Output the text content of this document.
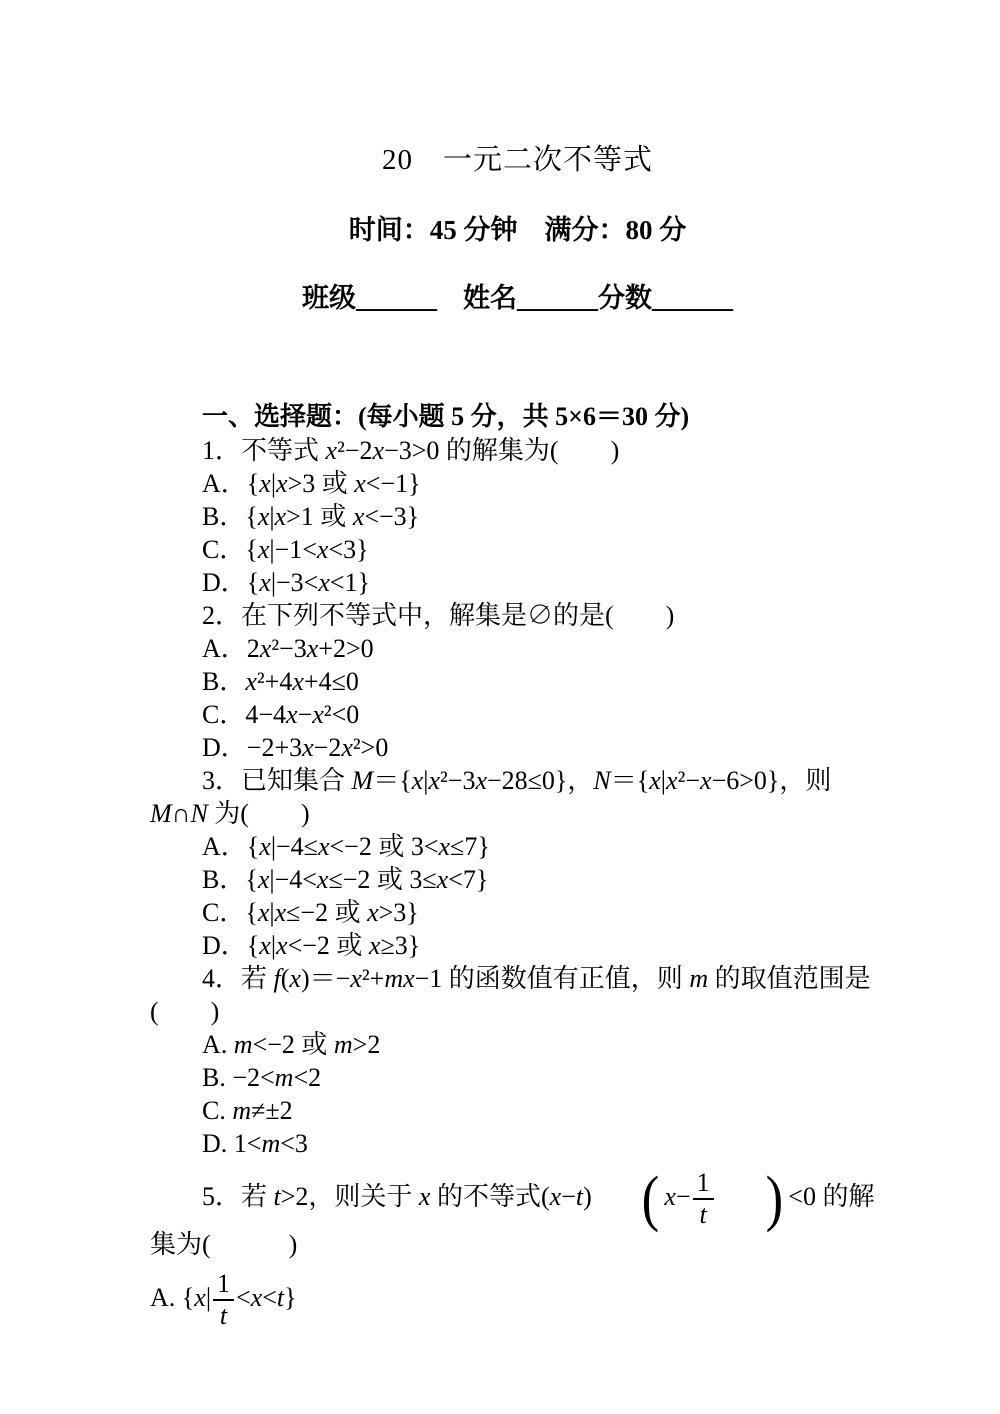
20　一元二次不等式
时间：45 分钟　满分：80 分
班级______ 姓名______分数______
一、选择题：(每小题 5 分，共 5×6＝30 分)

1．不等式 x²−2x−3>0 的解集为(　　)

A．{x|x>3 或 x<−1}

B．{x|x>1 或 x<−3}

C．{x|−1<x<3}

D．{x|−3<x<1}

2．在下列不等式中，解集是∅的是(　　)

A．2x²−3x+2>0

B．x²+4x+4≤0

C．4−4x−x²<0

D．−2+3x−2x²>0

3．已知集合 M＝{x|x²−3x−28≤0}，N＝{x|x²−x−6>0}，则 M∩N 为(　　)

A．{x|−4≤x<−2 或 3<x≤7}

B．{x|−4<x≤−2 或 3≤x<7}

C．{x|x≤−2 或 x>3}

D．{x|x<−2 或 x≥3}

4．若 f(x)＝−x²+mx−1 的函数值有正值，则 m 的取值范围是(　　)

A. m<−2 或 m>2

B. −2<m<2

C. m≠±2

D. 1<m<3

5．若 t>2，则关于 x 的不等式(x−t) ( $x- \frac{1}{t}$ ) <0 的解集为(　　　)

A. $\{x| \frac{1}{t} <x<t\}$
